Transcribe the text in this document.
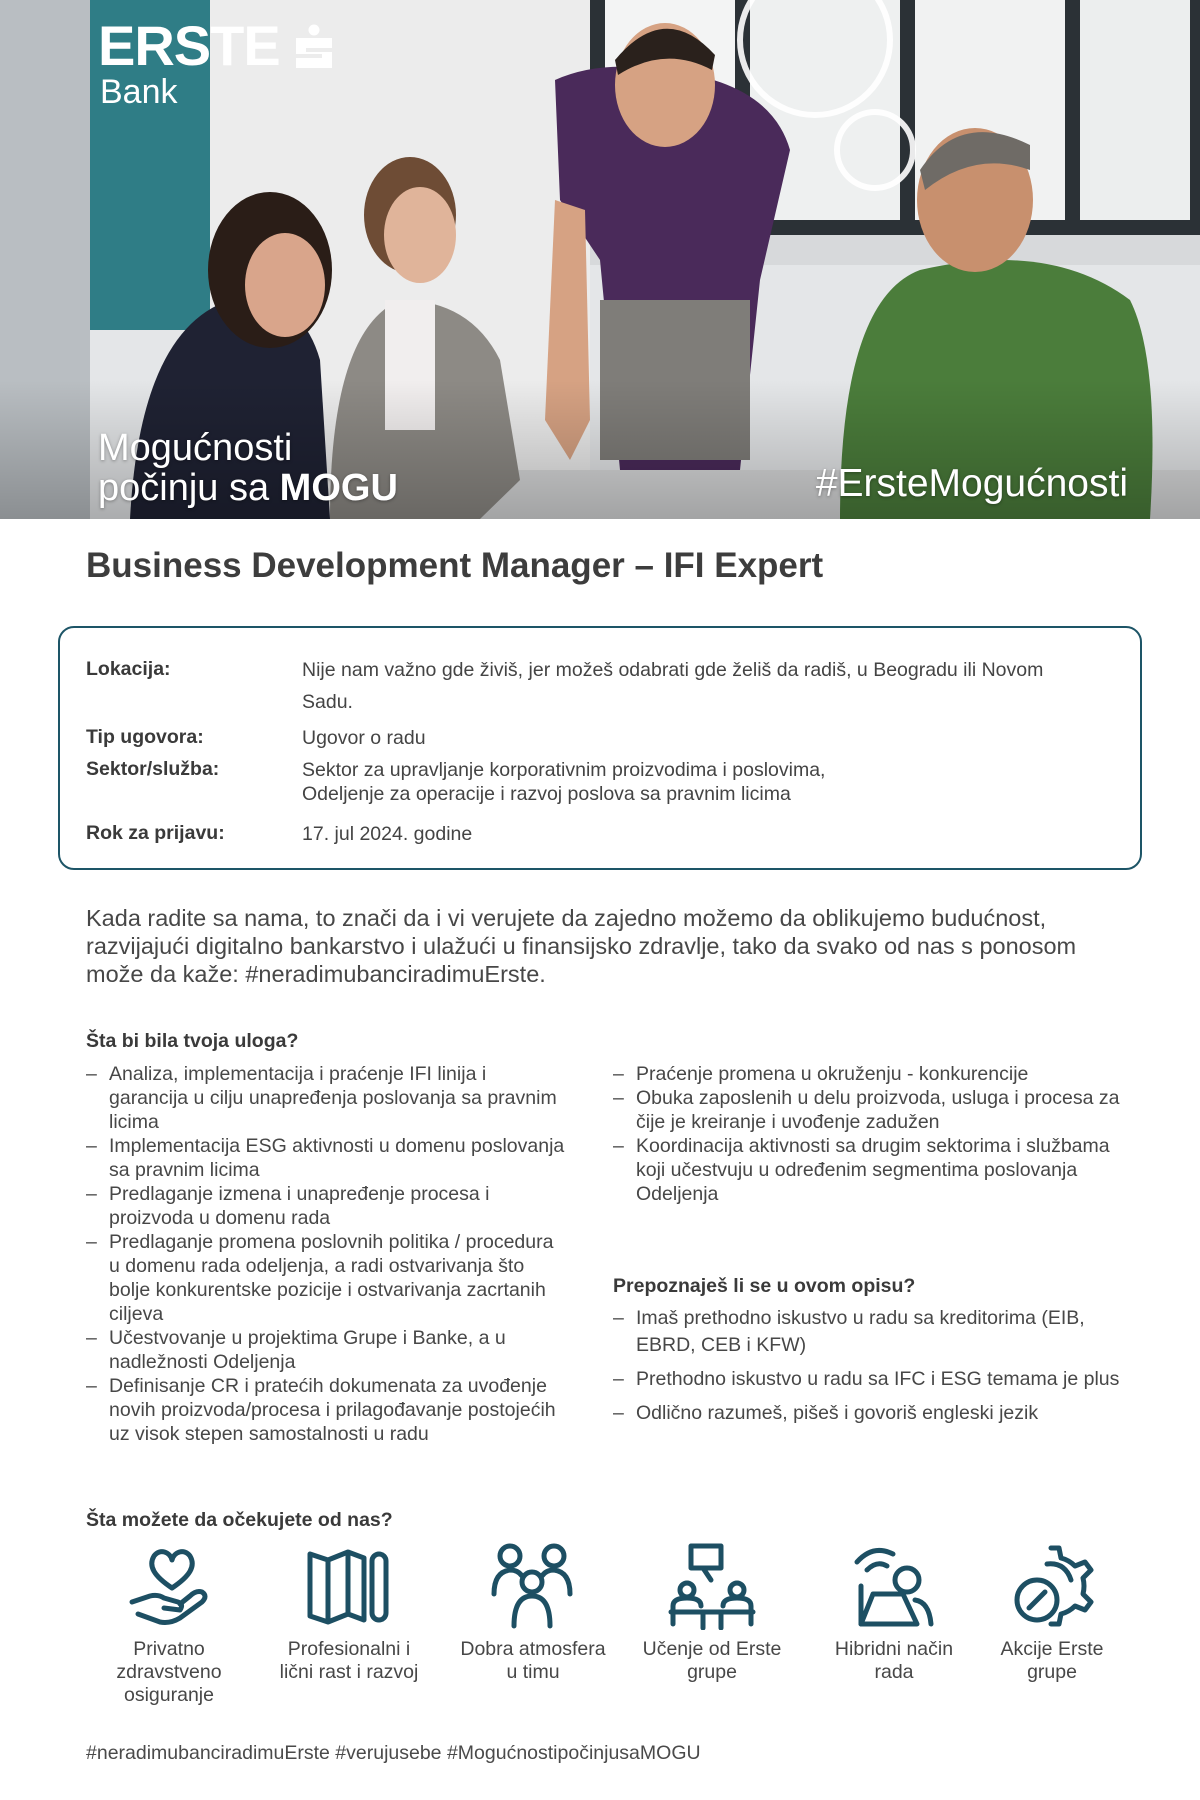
ERSTE
Bank
Mogućnosti
počinju sa MOGU	#ErsteMogućnosti
Business Development Manager – IFI Expert
Lokacija:	Nije nam važno gde živiš, jer možeš odabrati gde želiš da radiš, u Beogradu ili Novom Sadu.
Tip ugovora:	Ugovor o radu
Sektor/služba:	Sektor za upravljanje korporativnim proizvodima i poslovima,
Odeljenje za operacije i razvoj poslova sa pravnim licima
Rok za prijavu:	17. jul 2024. godine

Kada radite sa nama, to znači da i vi verujete da zajedno možemo da oblikujemo budućnost, razvijajući digitalno bankarstvo i ulažući u finansijsko zdravlje, tako da svako od nas s ponosom može da kaže: #neradimubanciradimuErste.

Šta bi bila tvoja uloga?
– Analiza, implementacija i praćenje IFI linija i garancija u cilju unapređenja poslovanja sa pravnim licima
– Implementacija ESG aktivnosti u domenu poslovanja sa pravnim licima
– Predlaganje izmena i unapređenje procesa i proizvoda u domenu rada
– Predlaganje promena poslovnih politika / procedura u domenu rada odeljenja, a radi ostvarivanja što bolje konkurentske pozicije i ostvarivanja zacrtanih ciljeva
– Učestvovanje u projektima Grupe i Banke, a u nadležnosti Odeljenja
– Definisanje CR i pratećih dokumenata za uvođenje novih proizvoda/procesa i prilagođavanje postojećih uz visok stepen samostalnosti u radu
– Praćenje promena u okruženju - konkurencije
– Obuka zaposlenih u delu proizvoda, usluga i procesa za čije je kreiranje i uvođenje zadužen
– Koordinacija aktivnosti sa drugim sektorima i službama koji učestvuju u određenim segmentima poslovanja Odeljenja
Prepoznaješ li se u ovom opisu?
– Imaš prethodno iskustvo u radu sa kreditorima (EIB, EBRD, CEB i KFW)
– Prethodno iskustvo u radu sa IFC i ESG temama je plus
– Odlično razumeš, pišeš i govoriš engleski jezik
Šta možete da očekujete od nas?
Privatno
zdravstveno
osiguranje
Profesionalni i
lični rast i razvoj
Dobra atmosfera
u timu
Učenje od Erste
grupe
Hibridni način
rada
Akcije Erste
grupe
#neradimubanciradimuErste #verujusebe #MogućnostipočinjusaMOGU
